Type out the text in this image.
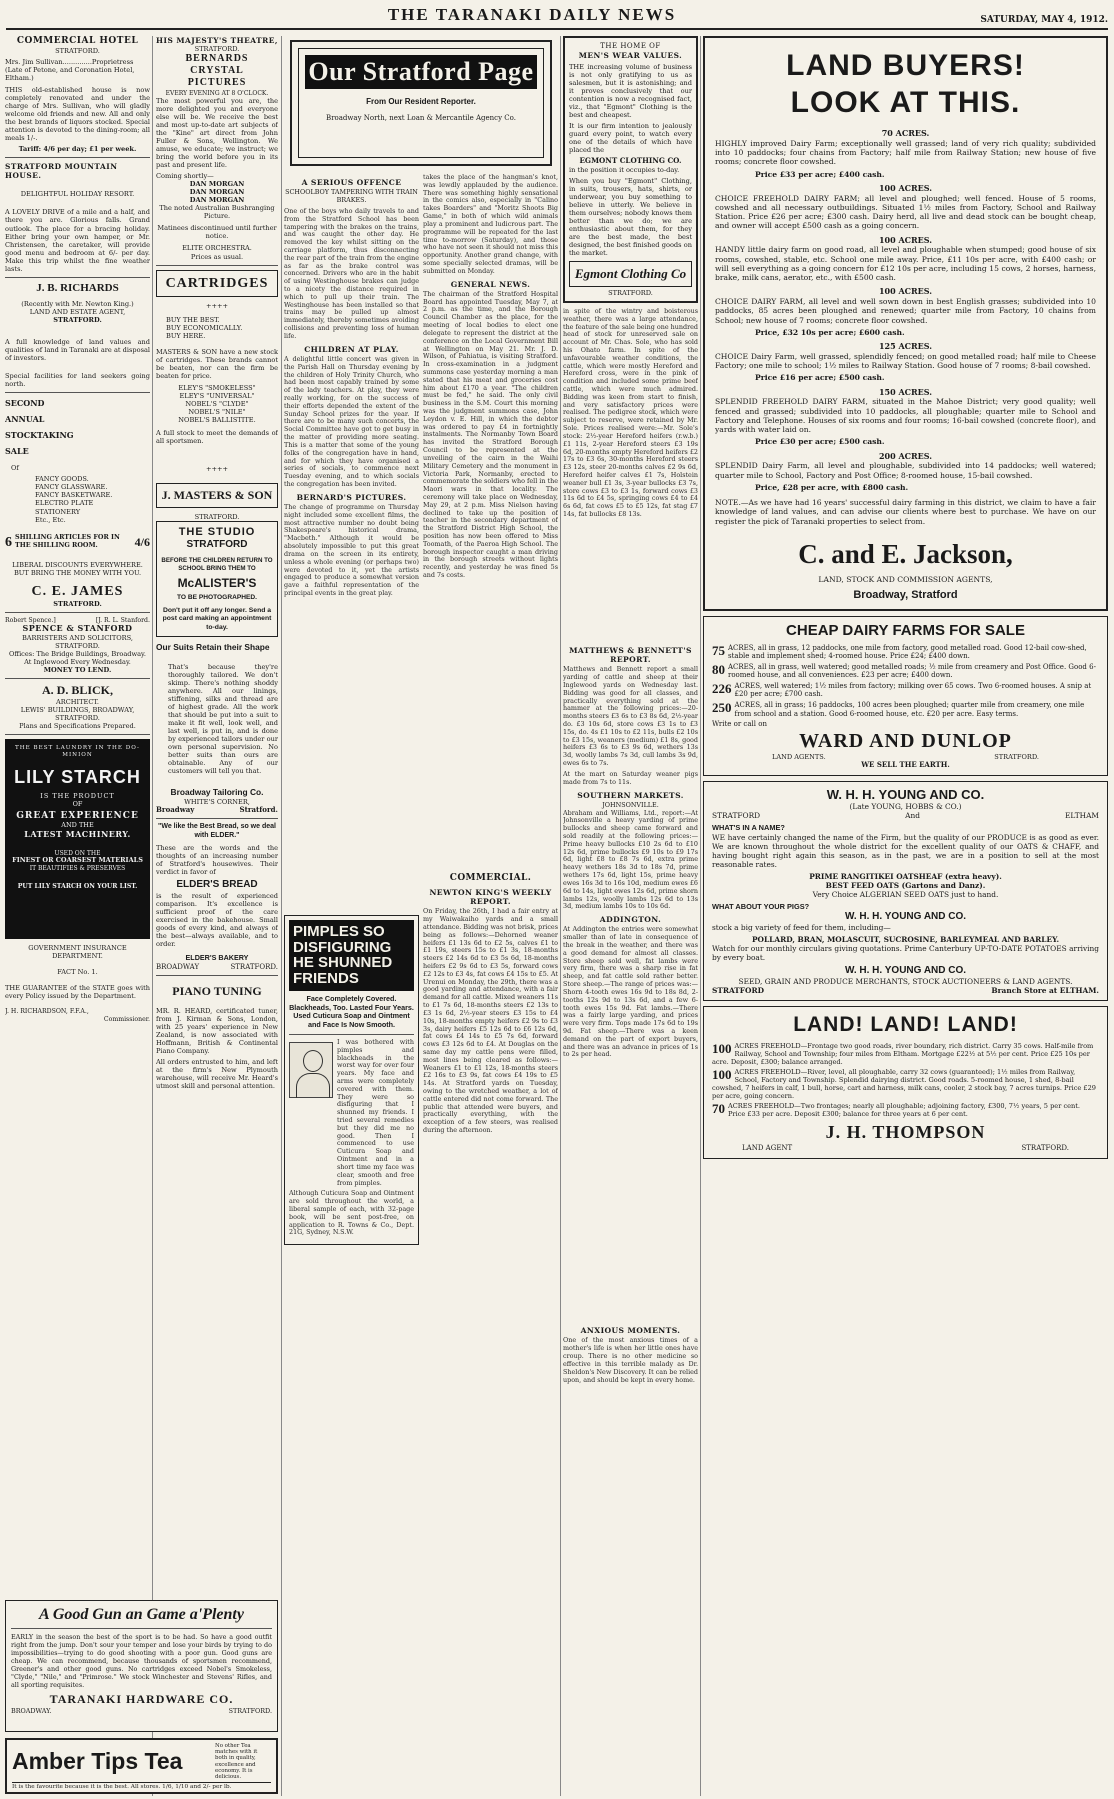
THE TARANAKI DAILY NEWS	SATURDAY, MAY 4, 1912.
COMMERCIAL HOTEL
STRATFORD.
Mrs. Jim Sullivan..............Proprietress
(Late of Petone, and Coronation Hotel, Eltham.)

THIS old-established house is now completely renovated and under the charge of Mrs. Sullivan, who will gladly welcome old friends and new. All and only the best brands of liquors stocked. Special attention is devoted to the dining-room; all meals 1/-.

Tariff: 4/6 per day; £1 per week.
STRATFORD MOUNTAIN HOUSE.
DELIGHTFUL HOLIDAY RESORT.

A LOVELY DRIVE of a mile and a half, and there you are. Glorious falls. Grand outlook. The place for a bracing holiday. Either bring your own hamper, or Mr. Christensen, the caretaker, will provide good menu and bedroom at 6/- per day. Make this trip whilst the fine weather lasts.

J. B. RICHARDS
(Recently with Mr. Newton King.)
LAND AND ESTATE AGENT,
STRATFORD.

A full knowledge of land values and qualities of land in Taranaki are at disposal of investors.

Special facilities for land seekers going north.

SECOND
ANNUAL
STOCKTAKING
SALE
Of
FANCY GOODS.
FANCY GLASSWARE.
FANCY BASKETWARE.
ELECTRO PLATE
STATIONERY
Etc., Etc.
6 SHILLING ARTICLES FOR IN THE SHILLING ROOM.	4/6
LIBERAL DISCOUNTS EVERYWHERE. BUT BRING THE MONEY WITH YOU.
C. E. JAMES
STRATFORD.
Robert Spence.]	[J. R. L. Stanford.
SPENCE & STANFORD
BARRISTERS AND SOLICITORS,
STRATFORD.
Offices: The Bridge Buildings, Broadway.
At Inglewood Every Wednesday.
MONEY TO LEND.
A. D. BLICK,
ARCHITECT.
LEWIS' BUILDINGS, BROADWAY, STRATFORD.
Plans and Specifications Prepared.
THE BEST LAUNDRY IN THE DO-MINION
LILY STARCH
IS THE PRODUCT
OF
GREAT EXPERIENCE
AND THE
LATEST MACHINERY.
USED ON THE
FINEST OR COARSEST MATERIALS
IT BEAUTIFIES & PRESERVES
PUT LILY STARCH ON YOUR LIST.
GOVERNMENT INSURANCE DEPARTMENT.
FACT No. 1.

THE GUARANTEE of the STATE goes with every Policy issued by the Department.

J. H. RICHARDSON, F.F.A.,
Commissioner.
HIS MAJESTY'S THEATRE,
STRATFORD.
BERNARDS
CRYSTAL
PICTURES
EVERY EVENING AT 8 O'CLOCK.

The most powerful you are, the more delighted you and everyone else will be. We receive the best and most up-to-date art subjects of the "Kine" art direct from John Fuller & Sons, Wellington. We amuse, we educate; we instruct; we bring the world before you in its past and present life.

Coming shortly—
DAN MORGAN
DAN MORGAN
DAN MORGAN
The noted Australian Bushranging Picture.
Matinees discontinued until further notice.
ELITE ORCHESTRA.
Prices as usual.
CARTRIDGES
++++
BUY THE BEST.
BUY ECONOMICALLY.
BUY HERE.

MASTERS & SON have a new stock of cartridges. These brands cannot be beaten, nor can the firm be beaten for price.

ELEY'S "SMOKELESS"
ELEY'S "UNIVERSAL"
NOBEL'S "CLYDE"
NOBEL'S "NILE"
NOBEL'S BALLISTITE.

A full stock to meet the demands of all sportsmen.

++++
J. MASTERS & SON
STRATFORD.
THE STUDIO
STRATFORD
BEFORE THE CHILDREN RETURN TO SCHOOL BRING THEM TO
McALISTER'S
TO BE PHOTOGRAPHED.
Don't put it off any longer. Send a post card making an appointment to-day.
Our Suits Retain their Shape

That's because they're thoroughly tailored. We don't skimp. There's nothing shoddy anywhere. All our linings, stiffening, silks and thread are of highest grade. All the work that should be put into a suit to make it fit well, look well, and last well, is put in, and is done by experienced tailors under our own personal supervision. No better suits than ours are obtainable. Any of our customers will tell you that.

Broadway Tailoring Co.
WHITE'S CORNER,
Broadway	Stratford.
"We like the Best Bread, so we deal with ELDER."

These are the words and the thoughts of an increasing number of Stratford's housewives. Their verdict in favor of

ELDER'S BREAD

is the result of experienced comparison. It's excellence is sufficient proof of the care exercised in the bakehouse. Small goods of every kind, and always of the best—always available, and to order.

ELDER'S BAKERY
BROADWAY	STRATFORD.
PIANO TUNING

MR. R. HEARD, certificated tuner, from J. Kirman & Sons, London, with 25 years' experience in New Zealand, is now associated with Hoffmann, British & Continental Piano Company.

All orders entrusted to him, and left at the firm's New Plymouth warehouse, will receive Mr. Heard's utmost skill and personal attention.

Our Stratford Page
From Our Resident Reporter.
Broadway North, next Loan & Mercantile Agency Co.
A SERIOUS OFFENCE
SCHOOLBOY TAMPERING WITH TRAIN BRAKES.

One of the boys who daily travels to and from the Stratford School has been tampering with the brakes on the trains, and was caught the other day. He removed the key whilst sitting on the carriage platform, thus disconnecting the rear part of the train from the engine as far as the brake control was concerned. Drivers who are in the habit of using Westinghouse brakes can judge to a nicety the distance required in which to pull up their train. The Westinghouse has been installed so that trains may be pulled up almost immediately, thereby sometimes avoiding collisions and preventing loss of human life.

CHILDREN AT PLAY.

A delightful little concert was given in the Parish Hall on Thursday evening by the children of Holy Trinity Church, who had been most capably trained by some of the lady teachers. At play, they were really working, for on the success of their efforts depended the extent of the Sunday School prizes for the year. If there are to be many such concerts, the Social Committee have got to get busy in the matter of providing more seating. This is a matter that some of the young folks of the congregation have in hand, and for which they have organised a series of socials, to commence next Tuesday evening, and to which socials the congregation has been invited.

BERNARD'S PICTURES.

The change of programme on Thursday night included some excellent films, the most attractive number no doubt being Shakespeare's historical drama, "Macbeth." Although it would be absolutely impossible to put this great drama on the screen in its entirety, unless a whole evening (or perhaps two) were devoted to it, yet the artists engaged to produce a somewhat version gave a faithful representation of the principal events in the great play.

PIMPLES SO DISFIGURING HE SHUNNED FRIENDS
Face Completely Covered. Blackheads, Too. Lasted Four Years. Used Cuticura Soap and Ointment and Face Is Now Smooth.

I was bothered with pimples and blackheads in the worst way for over four years. My face and arms were completely covered with them. They were so disfiguring that I shunned my friends. I tried several remedies but they did me no good. Then I commenced to use Cuticura Soap and Ointment and in a short time my face was clear, smooth and free from pimples.

Although Cuticura Soap and Ointment are sold throughout the world, a liberal sample of each, with 32-page book, will be sent post-free, on application to R. Towns & Co., Dept. 21G, Sydney, N.S.W.

takes the place of the hangman's knot, was lewdly applauded by the audience. There was something highly sensational in the comics also, especially in "Calino takes Boarders" and "Moritz Shoots Big Game," in both of which wild animals play a prominent and ludicrous part. The programme will be repeated for the last time to-morrow (Saturday), and those who have not seen it should not miss this opportunity. Another grand change, with some specially selected dramas, will be submitted on Monday.

GENERAL NEWS.

The chairman of the Stratford Hospital Board has appointed Tuesday, May 7, at 2 p.m. as the time, and the Borough Council Chamber as the place, for the meeting of local bodies to elect one delegate to represent the district at the conference on the Local Government Bill at Wellington on May 21. Mr. J. D. Wilson, of Pahiatua, is visiting Stratford. In cross-examination in a judgment summons case yesterday morning a man stated that his meat and groceries cost him about £170 a year. "The children must be fed," he said. The only civil business in the S.M. Court this morning was the judgment summons case, John Leydon v. E. Hill, in which the debtor was ordered to pay £4 in fortnightly instalments. The Normanby Town Board has invited the Stratford Borough Council to be represented at the unveiling of the cairn in the Waihi Military Cemetery and the monument in Victoria Park, Normanby, erected to commemorate the soldiers who fell in the Maori wars in that locality. The ceremony will take place on Wednesday, May 29, at 2 p.m. Miss Nielson having declined to take up the position of teacher in the secondary department of the Stratford District High School, the position has now been offered to Miss Toomath, of the Paeroa High School. The borough inspector caught a man driving in the borough streets without lights recently, and yesterday he was fined 5s and 7s costs.

COMMERCIAL.
NEWTON KING'S WEEKLY REPORT.

On Friday, the 26th, I had a fair entry at my Waiwakaiho yards and a small attendance. Bidding was not brisk, prices being as follows:—Dehorned weaner heifers £1 13s 6d to £2 5s, calves £1 to £1 19s, steers 15s to £1 3s, 18-months steers £2 14s 6d to £3 5s 6d, 18-months heifers £2 9s 6d to £3 5s, forward cows £2 12s to £3 4s, fat cows £4 15s to £5. At Urenui on Monday, the 29th, there was a good yarding and attendance, with a fair demand for all cattle. Mixed weaners 11s to £1 7s 6d, 18-months steers £2 13s to £3 1s 6d, 2½-year steers £3 15s to £4 10s, 18-months empty heifers £2 9s to £3 3s, dairy heifers £5 12s 6d to £6 12s 6d, fat cows £4 14s to £5 7s 6d, forward cows £3 12s 6d to £4. At Douglas on the same day my cattle pens were filled, most lines being cleared as follows:—Weaners £1 to £1 12s, 18-months steers £2 16s to £3 9s, fat cows £4 19s to £5 14s. At Stratford yards on Tuesday, owing to the wretched weather, a lot of cattle entered did not come forward. The public that attended were buyers, and practically everything, with the exception of a few steers, was realised during the afternoon.

THE HOME OF
MEN'S WEAR VALUES.

THE increasing volume of business is not only gratifying to us as salesmen, but it is astonishing; and it proves conclusively that our contention is now a recognised fact, viz., that "Egmont" Clothing is the best and cheapest.

It is our firm intention to jealously guard every point, to watch every one of the details of which have placed the

EGMONT CLOTHING CO.

in the position it occupies to-day.

When you buy "Egmont" Clothing, in suits, trousers, hats, shirts, or underwear, you buy something to believe in utterly. We believe in them ourselves; nobody knows them better than we do; we are enthusiastic about them, for they are the best made, the best designed, the best finished goods on the market.

Egmont Clothing Co
STRATFORD.

in spite of the wintry and boisterous weather, there was a large attendance, the feature of the sale being one hundred head of stock for unreserved sale on account of Mr. Chas. Sole, who has sold his Ohato farm. In spite of the unfavourable weather conditions, the cattle, which were mostly Hereford and Hereford cross, were in the pink of condition and included some prime beef cattle, which were much admired. Bidding was keen from start to finish, and very satisfactory prices were realised. The pedigree stock, which were subject to reserve, were retained by Mr. Sole. Prices realised were:—Mr. Sole's stock: 2½-year Hereford heifers (r.w.b.) £1 11s, 2-year Hereford steers £3 19s 6d, 20-months empty Hereford heifers £2 17s to £3 6s, 30-months Hereford steers £3 12s, steer 20-months calves £2 9s 6d, Hereford heifer calves £1 7s, Holstein weaner bull £1 3s, 3-year bullocks £3 7s, store cows £3 to £3 1s, forward cows £3 11s 6d to £4 5s, springing cows £4 to £4 6s 6d, fat cows £5 to £5 12s, fat stag £7 14s, fat bullocks £8 13s.

MATTHEWS & BENNETT'S REPORT.

Matthews and Bennett report a small yarding of cattle and sheep at their Inglewood yards on Wednesday last. Bidding was good for all classes, and practically everything sold at the hammer at the following prices:—20-months steers £3 6s to £3 8s 6d, 2½-year do. £3 10s 6d, store cows £3 1s to £3 15s, do. 4s £1 10s to £2 11s, bulls £2 10s to £3 15s, weaners (medium) £1 8s, good heifers £3 6s to £3 9s 6d, wethers 13s 3d, woolly lambs 7s 3d, cull lambs 3s 9d, ewes 6s to 7s.

At the mart on Saturday weaner pigs made from 7s to 11s.

SOUTHERN MARKETS.
JOHNSONVILLE.

Abraham and Williams, Ltd., report:—At Johnsonville a heavy yarding of prime bullocks and sheep came forward and sold readily at the following prices:—Prime heavy bullocks £10 2s 6d to £10 12s 6d, prime bullocks £9 10s to £9 17s 6d, light £8 to £8 7s 6d, extra prime heavy wethers 18s 3d to 18s 7d, prime wethers 17s 6d, light 15s, prime heavy ewes 16s 3d to 16s 10d, medium ewes £6 6d to 14s, light ewes 12s 6d, prime shorn lambs 12s, woolly lambs 12s 6d to 13s 3d, medium lambs 10s to 10s 6d.

ADDINGTON.

At Addington the entries were somewhat smaller than of late in consequence of the break in the weather, and there was a good demand for almost all classes. Store sheep sold well, fat lambs were very firm, there was a sharp rise in fat sheep, and fat cattle sold rather better. Store sheep.—The range of prices was:—Shorn 4-tooth ewes 16s 9d to 18s 8d, 2-tooths 12s 9d to 13s 6d, and a few 6-tooth ewes 15s 9d. Fat lambs.—There was a fairly large yarding, and prices were very firm. Tops made 17s 6d to 19s 9d. Fat sheep.—There was a keen demand on the part of export buyers, and there was an advance in prices of 1s to 2s per head.

ANXIOUS MOMENTS.

One of the most anxious times of a mother's life is when her little ones have croup. There is no other medicine so effective in this terrible malady as Dr. Sheldon's New Discovery. It can be relied upon, and should be kept in every home.

LAND BUYERS!
LOOK AT THIS.
70 ACRES.

HIGHLY improved Dairy Farm; exceptionally well grassed; land of very rich quality; subdivided into 10 paddocks; four chains from Factory; half mile from Railway Station; new house of five rooms; concrete floor cowshed.

Price £33 per acre; £400 cash.
100 ACRES.

CHOICE FREEHOLD DAIRY FARM; all level and ploughed; well fenced. House of 5 rooms, cowshed and all necessary outbuildings. Situated 1½ miles from Factory, School and Railway Station. Price £26 per acre; £300 cash. Dairy herd, all live and dead stock can be bought cheap, and owner will accept £500 cash as a going concern.

100 ACRES.

HANDY little dairy farm on good road, all level and ploughable when stumped; good house of six rooms, cowshed, stable, etc. School one mile away. Price, £11 10s per acre, with £400 cash; or will sell everything as a going concern for £12 10s per acre, including 15 cows, 2 horses, harness, brake, milk cans, aerator, etc., with £500 cash.

100 ACRES.

CHOICE DAIRY FARM, all level and well sown down in best English grasses; subdivided into 10 paddocks, 85 acres been ploughed and renewed; quarter mile from Factory, 10 chains from School; new house of 7 rooms; concrete floor cowshed.

Price, £32 10s per acre; £600 cash.
125 ACRES.

CHOICE Dairy Farm, well grassed, splendidly fenced; on good metalled road; half mile to Cheese Factory; one mile to school; 1½ miles to Railway Station. Good house of 7 rooms; 8-bail cowshed.

Price £16 per acre; £500 cash.
150 ACRES.

SPLENDID FREEHOLD DAIRY FARM, situated in the Mahoe District; very good quality; well fenced and grassed; subdivided into 10 paddocks, all ploughable; quarter mile to School and Factory and Telephone. Houses of six rooms and four rooms; 16-bail cowshed (concrete floor), and yards with water laid on.

Price £30 per acre; £500 cash.
200 ACRES.

SPLENDID Dairy Farm, all level and ploughable, subdivided into 14 paddocks; well watered; quarter mile to School, Factory and Post Office; 8-roomed house, 15-bail cowshed.

Price, £28 per acre, with £800 cash.

NOTE.—As we have had 16 years' successful dairy farming in this district, we claim to have a fair knowledge of land values, and can advise our clients where best to purchase. We have on our register the pick of Taranaki properties to select from.

C. and E. Jackson,
LAND, STOCK AND COMMISSION AGENTS,
Broadway, Stratford
CHEAP DAIRY FARMS FOR SALE
75 ACRES, all in grass, 12 paddocks, one mile from factory, good metalled road. Good 12-bail cow-shed, stable and implement shed; 4-roomed house. Price £24; £400 down.
80 ACRES, all in grass, well watered; good metalled roads; ½ mile from creamery and Post Office. Good 6-roomed house, and all conveniences. £23 per acre; £400 down.
226 ACRES, well watered; 1½ miles from factory; milking over 65 cows. Two 6-roomed houses. A snip at £20 per acre; £700 cash.
250 ACRES, all in grass; 16 paddocks, 100 acres been ploughed; quarter mile from creamery, one mile from school and a station. Good 6-roomed house, etc. £20 per acre. Easy terms.
Write or call on
WARD AND DUNLOP
LAND AGENTS.	STRATFORD.
WE SELL THE EARTH.
W. H. H. YOUNG AND CO.
(Late YOUNG, HOBBS & CO.)
STRATFORD	And	ELTHAM
WHAT'S IN A NAME?

WE have certainly changed the name of the Firm, but the quality of our PRODUCE is as good as ever. We are known throughout the whole district for the excellent quality of our OATS & CHAFF, and having bought right again this season, as in the past, we are in a position to sell at the most reasonable rates.

PRIME RANGITIKEI OATSHEAF (extra heavy).
BEST FEED OATS (Gartons and Danz).
Very Choice ALGERIAN SEED OATS just to hand.
WHAT ABOUT YOUR PIGS?
W. H. H. YOUNG AND CO.

stock a big variety of feed for them, including—

POLLARD, BRAN, MOLASCUIT, SUCROSINE, BARLEYMEAL AND BARLEY.

Watch for our monthly circulars giving quotations. Prime Canterbury UP-TO-DATE POTATOES arriving by every boat.

W. H. H. YOUNG AND CO.
SEED, GRAIN AND PRODUCE MERCHANTS, STOCK AUCTIONEERS & LAND AGENTS.
STRATFORD	Branch Store at ELTHAM.
LAND! LAND! LAND!
100 ACRES FREEHOLD—Frontage two good roads, river boundary, rich district. Carry 35 cows. Half-mile from Railway, School and Township; four miles from Eltham. Mortgage £22½ at 5½ per cent. Price £25 10s per acre. Deposit, £300; balance arranged.
100 ACRES FREEHOLD—River, level, all ploughable, carry 32 cows (guaranteed); 1½ miles from Railway, School, Factory and Township. Splendid dairying district. Good roads. 5-roomed house, 1 shed, 8-bail cowshed, 7 heifers in calf, 1 bull, horse, cart and harness, milk cans, cooler, 2 stock bay, 7 acres turnips. Price £29 per acre, going concern.
70 ACRES FREEHOLD—Two frontages; nearly all ploughable; adjoining factory, £300, 7½ years, 5 per cent. Price £33 per acre. Deposit £300; balance for three years at 6 per cent.
J. H. THOMPSON
LAND AGENT	STRATFORD.
A Good Gun an Game a'Plenty

EARLY in the season the best of the sport is to be had. So have a good outfit right from the jump. Don't sour your temper and lose your birds by trying to do impossibilities—trying to do good shooting with a poor gun. Good guns are cheap. We can recommend, because thousands of sportsmen recommend, Greener's and other good guns. No cartridges exceed Nobel's Smokeless, "Clyde," "Nile," and "Primrose." We stock Winchester and Stevens' Rifles, and all sporting requisites.

TARANAKI HARDWARE CO.
BROADWAY.	STRATFORD.
Amber Tips Tea
No other Tea matches with it both in quality, excellence and economy. It is delicious.
It is the favourite because it is the best. All stores. 1/6, 1/10 and 2/- per lb.
